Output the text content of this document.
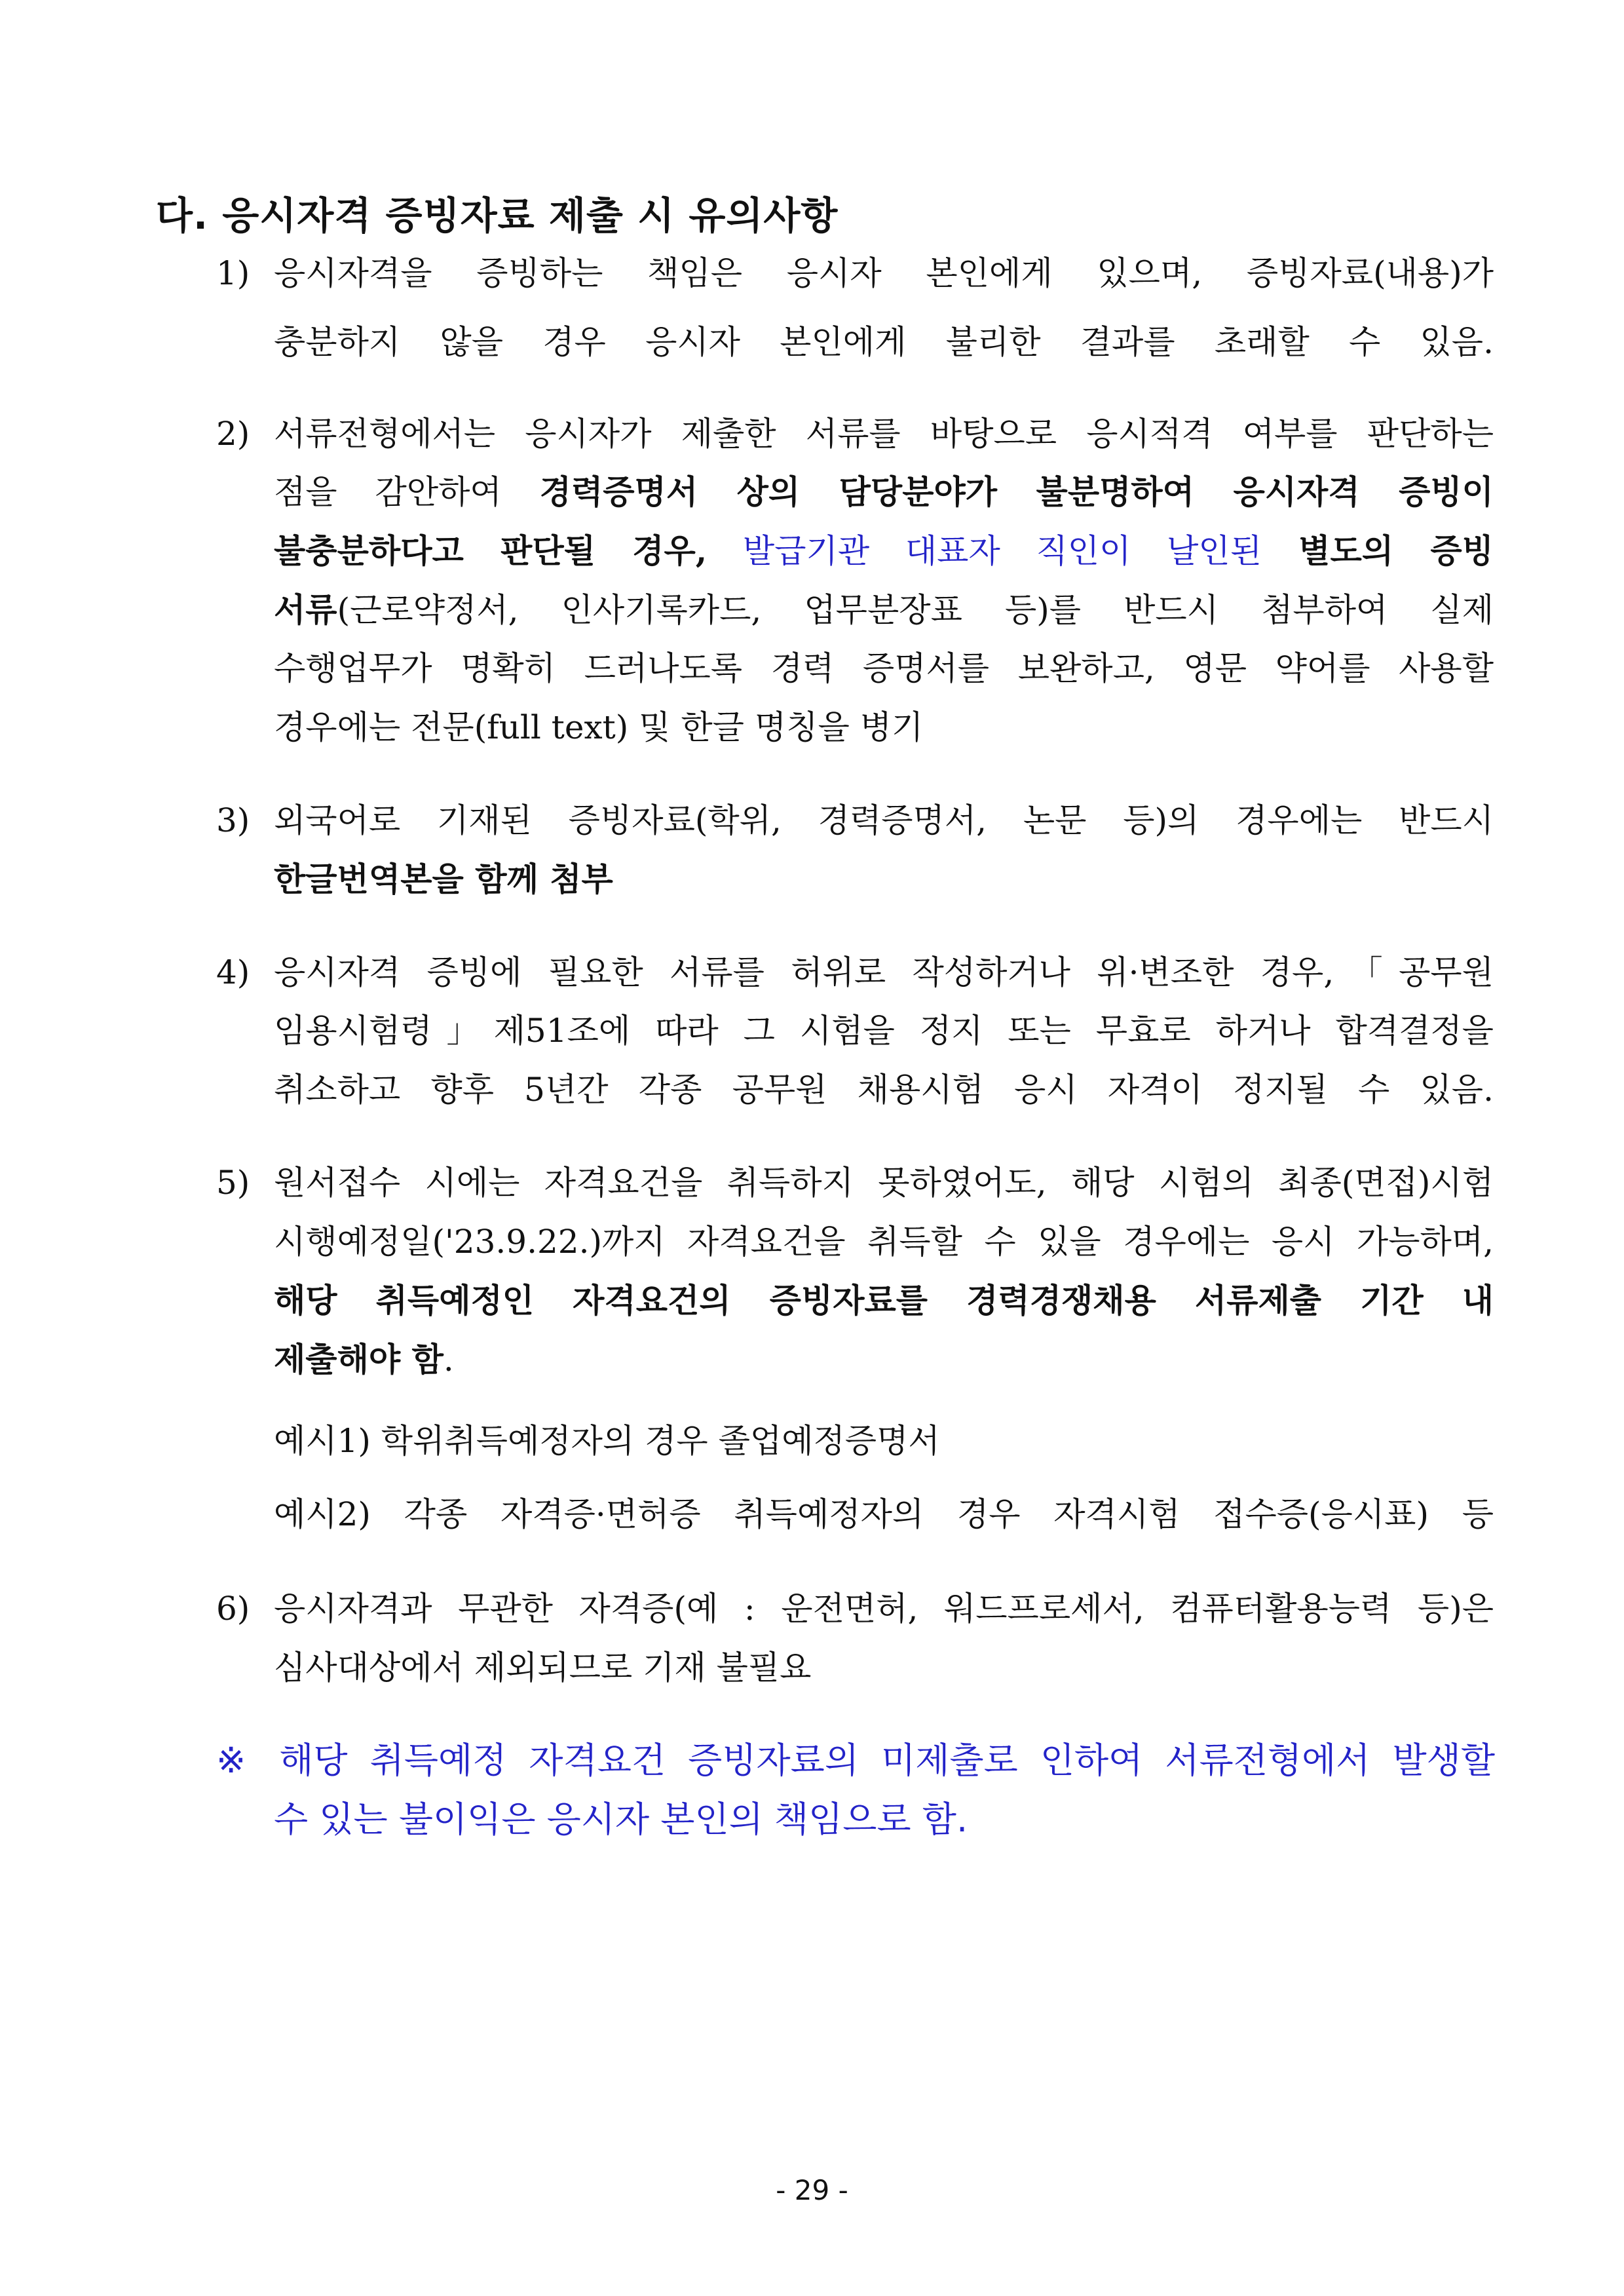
다. 응시자격 증빙자료 제출 시 유의사항
1) 응시자격을 증빙하는 책임은 응시자 본인에게 있으며, 증빙자료(내용)가
충분하지 않을 경우 응시자 본인에게 불리한 결과를 초래할 수 있음.
2) 서류전형에서는 응시자가 제출한 서류를 바탕으로 응시적격 여부를 판단하는
점을 감안하여 경력증명서 상의 담당분야가 불분명하여 응시자격 증빙이
불충분하다고 판단될 경우, 발급기관 대표자 직인이 날인된 별도의 증빙
서류(근로약정서, 인사기록카드, 업무분장표 등)를 반드시 첨부하여 실제
수행업무가 명확히 드러나도록 경력 증명서를 보완하고, 영문 약어를 사용할
경우에는 전문(full text) 및 한글 명칭을 병기
3) 외국어로 기재된 증빙자료(학위, 경력증명서, 논문 등)의 경우에는 반드시
한글번역본을 함께 첨부
4) 응시자격 증빙에 필요한 서류를 허위로 작성하거나 위·변조한 경우,「공무원
임용시험령」제51조에 따라 그 시험을 정지 또는 무효로 하거나 합격결정을
취소하고 향후 5년간 각종 공무원 채용시험 응시 자격이 정지될 수 있음.
5) 원서접수 시에는 자격요건을 취득하지 못하였어도, 해당 시험의 최종(면접)시험
시행예정일('23.9.22.)까지 자격요건을 취득할 수 있을 경우에는 응시 가능하며,
해당 취득예정인 자격요건의 증빙자료를 경력경쟁채용 서류제출 기간 내
제출해야 함.
예시1) 학위취득예정자의 경우 졸업예정증명서
예시2) 각종 자격증·면허증 취득예정자의 경우 자격시험 접수증(응시표) 등
6) 응시자격과 무관한 자격증(예 : 운전면허, 워드프로세서, 컴퓨터활용능력 등)은
심사대상에서 제외되므로 기재 불필요
※ 해당 취득예정 자격요건 증빙자료의 미제출로 인하여 서류전형에서 발생할
수 있는 불이익은 응시자 본인의 책임으로 함.
- 29 -
